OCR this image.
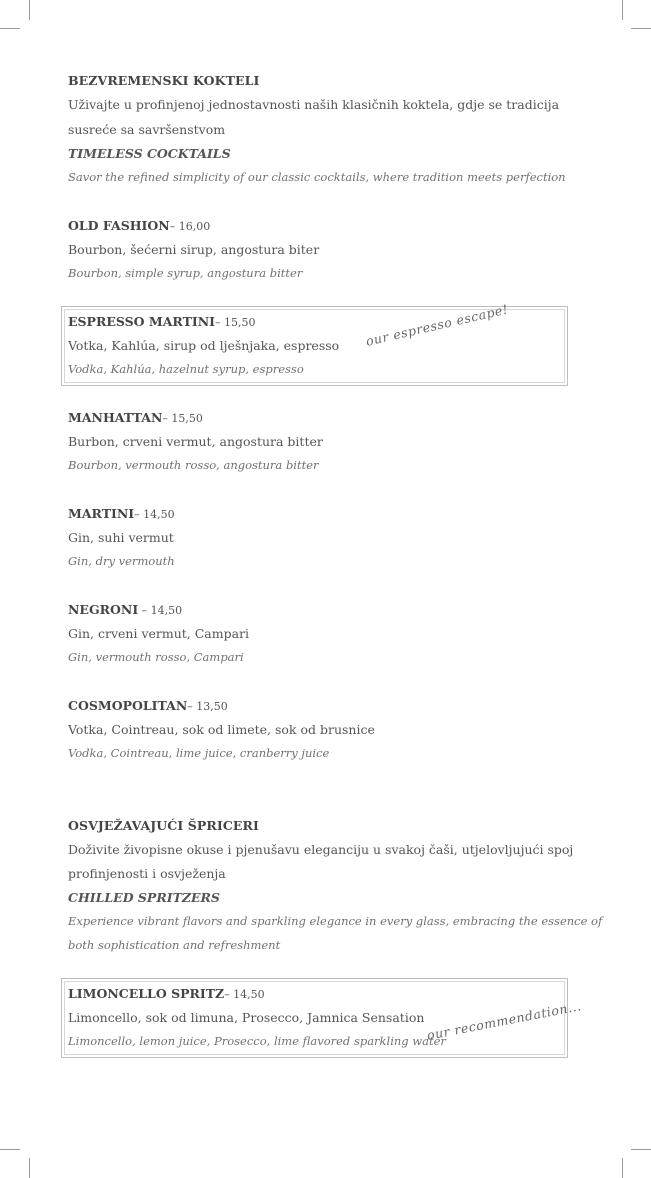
BEZVREMENSKI KOKTELI
Uživajte u profinjenoj jednostavnosti naših klasičnih koktela, gdje se tradicija
susreće sa savršenstvom
TIMELESS COCKTAILS
Savor the refined simplicity of our classic cocktails, where tradition meets perfection
OLD FASHION– 16,00
Bourbon, šećerni sirup, angostura biter
Bourbon, simple syrup, angostura bitter
ESPRESSO MARTINI– 15,50
Votka, Kahlúa, sirup od lješnjaka, espresso
Vodka, Kahlúa, hazelnut syrup, espresso
our espresso escape!
MANHATTAN– 15,50
Burbon, crveni vermut, angostura bitter
Bourbon, vermouth rosso, angostura bitter
MARTINI– 14,50
Gin, suhi vermut
Gin, dry vermouth
NEGRONI – 14,50
Gin, crveni vermut, Campari
Gin, vermouth rosso, Campari
COSMOPOLITAN– 13,50
Votka, Cointreau, sok od limete, sok od brusnice
Vodka, Cointreau, lime juice, cranberry juice
OSVJEŽAVAJUĆI ŠPRICERI
Doživite živopisne okuse i pjenušavu eleganciju u svakoj čaši, utjelovljujući spoj
profinjenosti i osvježenja
CHILLED SPRITZERS
Experience vibrant flavors and sparkling elegance in every glass, embracing the essence of
both sophistication and refreshment
LIMONCELLO SPRITZ– 14,50
Limoncello, sok od limuna, Prosecco, Jamnica Sensation
Limoncello, lemon juice, Prosecco, lime flavored sparkling water
our recommendation...
